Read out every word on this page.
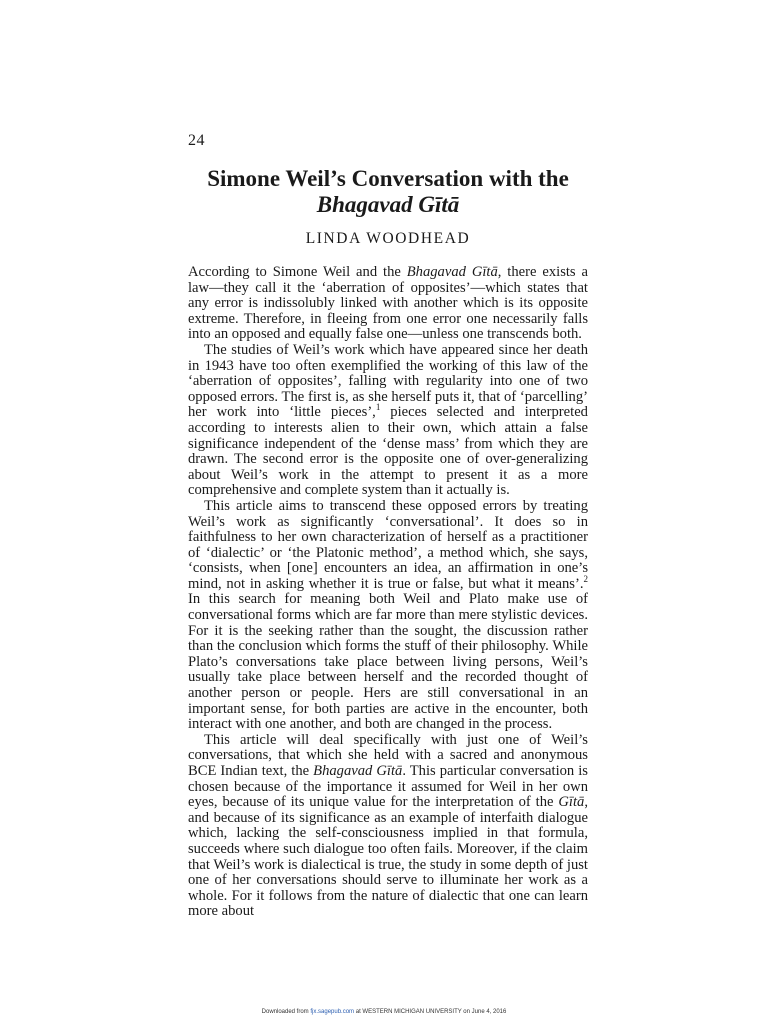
24
Simone Weil’s Conversation with the
Bhagavad Gītā
LINDA WOODHEAD

According to Simone Weil and the Bhagavad Gītā, there exists a law—they call it the ‘aberration of opposites’—which states that any error is indissolubly linked with another which is its opposite extreme. Therefore, in fleeing from one error one necessarily falls into an opposed and equally false one—unless one transcends both.

The studies of Weil’s work which have appeared since her death in 1943 have too often exemplified the working of this law of the ‘aberration of opposites’, falling with regularity into one of two opposed errors. The first is, as she herself puts it, that of ‘parcelling’ her work into ‘little pieces’,$^1$ pieces selected and interpreted according to interests alien to their own, which attain a false significance independent of the ‘dense mass’ from which they are drawn. The second error is the opposite one of over-generalizing about Weil’s work in the attempt to present it as a more comprehensive and complete system than it actually is.

This article aims to transcend these opposed errors by treating Weil’s work as significantly ‘conversational’. It does so in faithfulness to her own characterization of herself as a practitioner of ‘dialectic’ or ‘the Platonic method’, a method which, she says, ‘consists, when [one] encounters an idea, an affirmation in one’s mind, not in asking whether it is true or false, but what it means’.$^2$ In this search for meaning both Weil and Plato make use of conversational forms which are far more than mere stylistic devices. For it is the seeking rather than the sought, the discussion rather than the conclusion which forms the stuff of their philosophy. While Plato’s conversations take place between living persons, Weil’s usually take place between herself and the recorded thought of another person or people. Hers are still conversational in an important sense, for both parties are active in the encounter, both interact with one another, and both are changed in the process.

This article will deal specifically with just one of Weil’s conversations, that which she held with a sacred and anonymous BCE Indian text, the Bhagavad Gītā. This particular conversation is chosen because of the importance it assumed for Weil in her own eyes, because of its unique value for the interpretation of the Gītā, and because of its significance as an example of interfaith dialogue which, lacking the self-consciousness implied in that formula, succeeds where such dialogue too often fails. Moreover, if the claim that Weil’s work is dialectical is true, the study in some depth of just one of her conversations should serve to illuminate her work as a whole. For it follows from the nature of dialectic that one can learn more about

Downloaded from fjx.sagepub.com at WESTERN MICHIGAN UNIVERSITY on June 4, 2016
